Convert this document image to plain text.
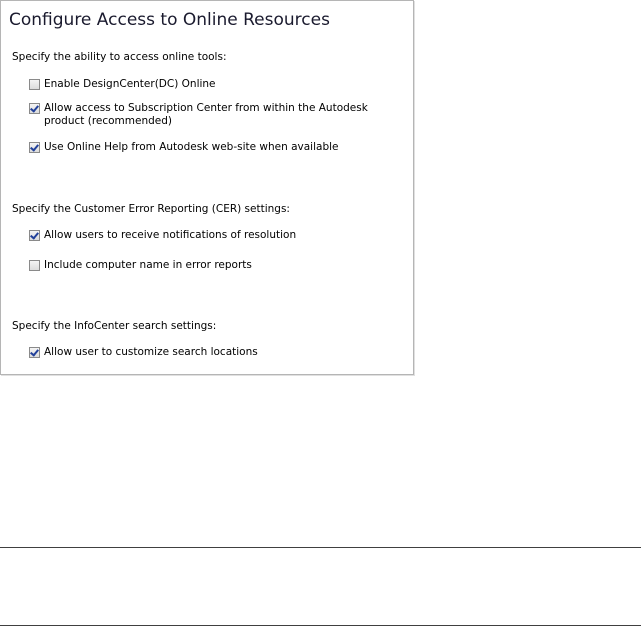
Configure Access to Online Resources
Specify the ability to access online tools:
Enable DesignCenter(DC) Online
Allow access to Subscription Center from within the Autodesk product (recommended)
Use Online Help from Autodesk web-site when available
Specify the Customer Error Reporting (CER) settings:
Allow users to receive notifications of resolution
Include computer name in error reports
Specify the InfoCenter search settings:
Allow user to customize search locations
